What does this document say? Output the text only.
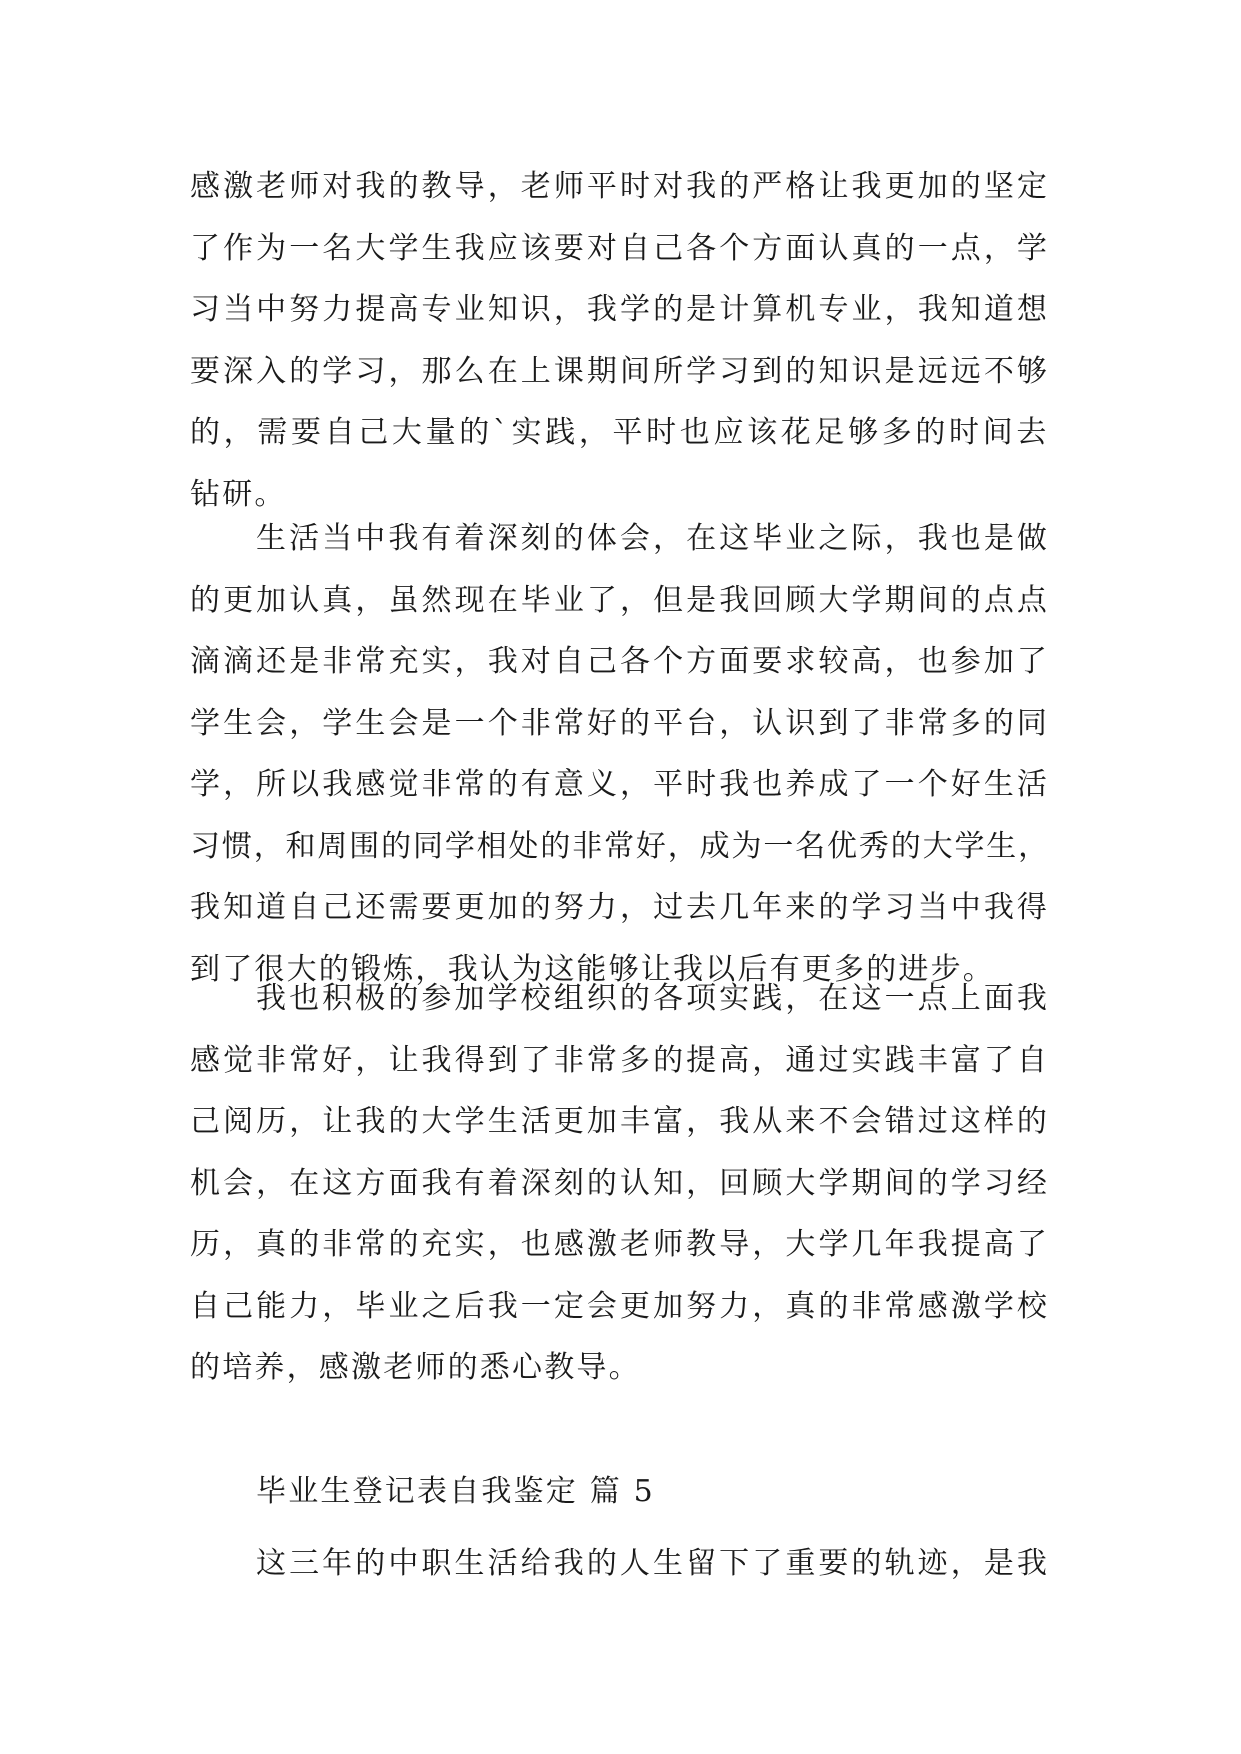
感激老师对我的教导，老师平时对我的严格让我更加的坚定
了作为一名大学生我应该要对自己各个方面认真的一点，学
习当中努力提高专业知识，我学的是计算机专业，我知道想
要深入的学习，那么在上课期间所学习到的知识是远远不够
的，需要自己大量的`实践，平时也应该花足够多的时间去
钻研。
生活当中我有着深刻的体会，在这毕业之际，我也是做
的更加认真，虽然现在毕业了，但是我回顾大学期间的点点
滴滴还是非常充实，我对自己各个方面要求较高，也参加了
学生会，学生会是一个非常好的平台，认识到了非常多的同
学，所以我感觉非常的有意义，平时我也养成了一个好生活
习惯，和周围的同学相处的非常好，成为一名优秀的大学生，
我知道自己还需要更加的努力，过去几年来的学习当中我得
到了很大的锻炼，我认为这能够让我以后有更多的进步。
我也积极的参加学校组织的各项实践，在这一点上面我
感觉非常好，让我得到了非常多的提高，通过实践丰富了自
己阅历，让我的大学生活更加丰富，我从来不会错过这样的
机会，在这方面我有着深刻的认知，回顾大学期间的学习经
历，真的非常的充实，也感激老师教导，大学几年我提高了
自己能力，毕业之后我一定会更加努力，真的非常感激学校
的培养，感激老师的悉心教导。
毕业生登记表自我鉴定 篇 5
这三年的中职生活给我的人生留下了重要的轨迹，是我
